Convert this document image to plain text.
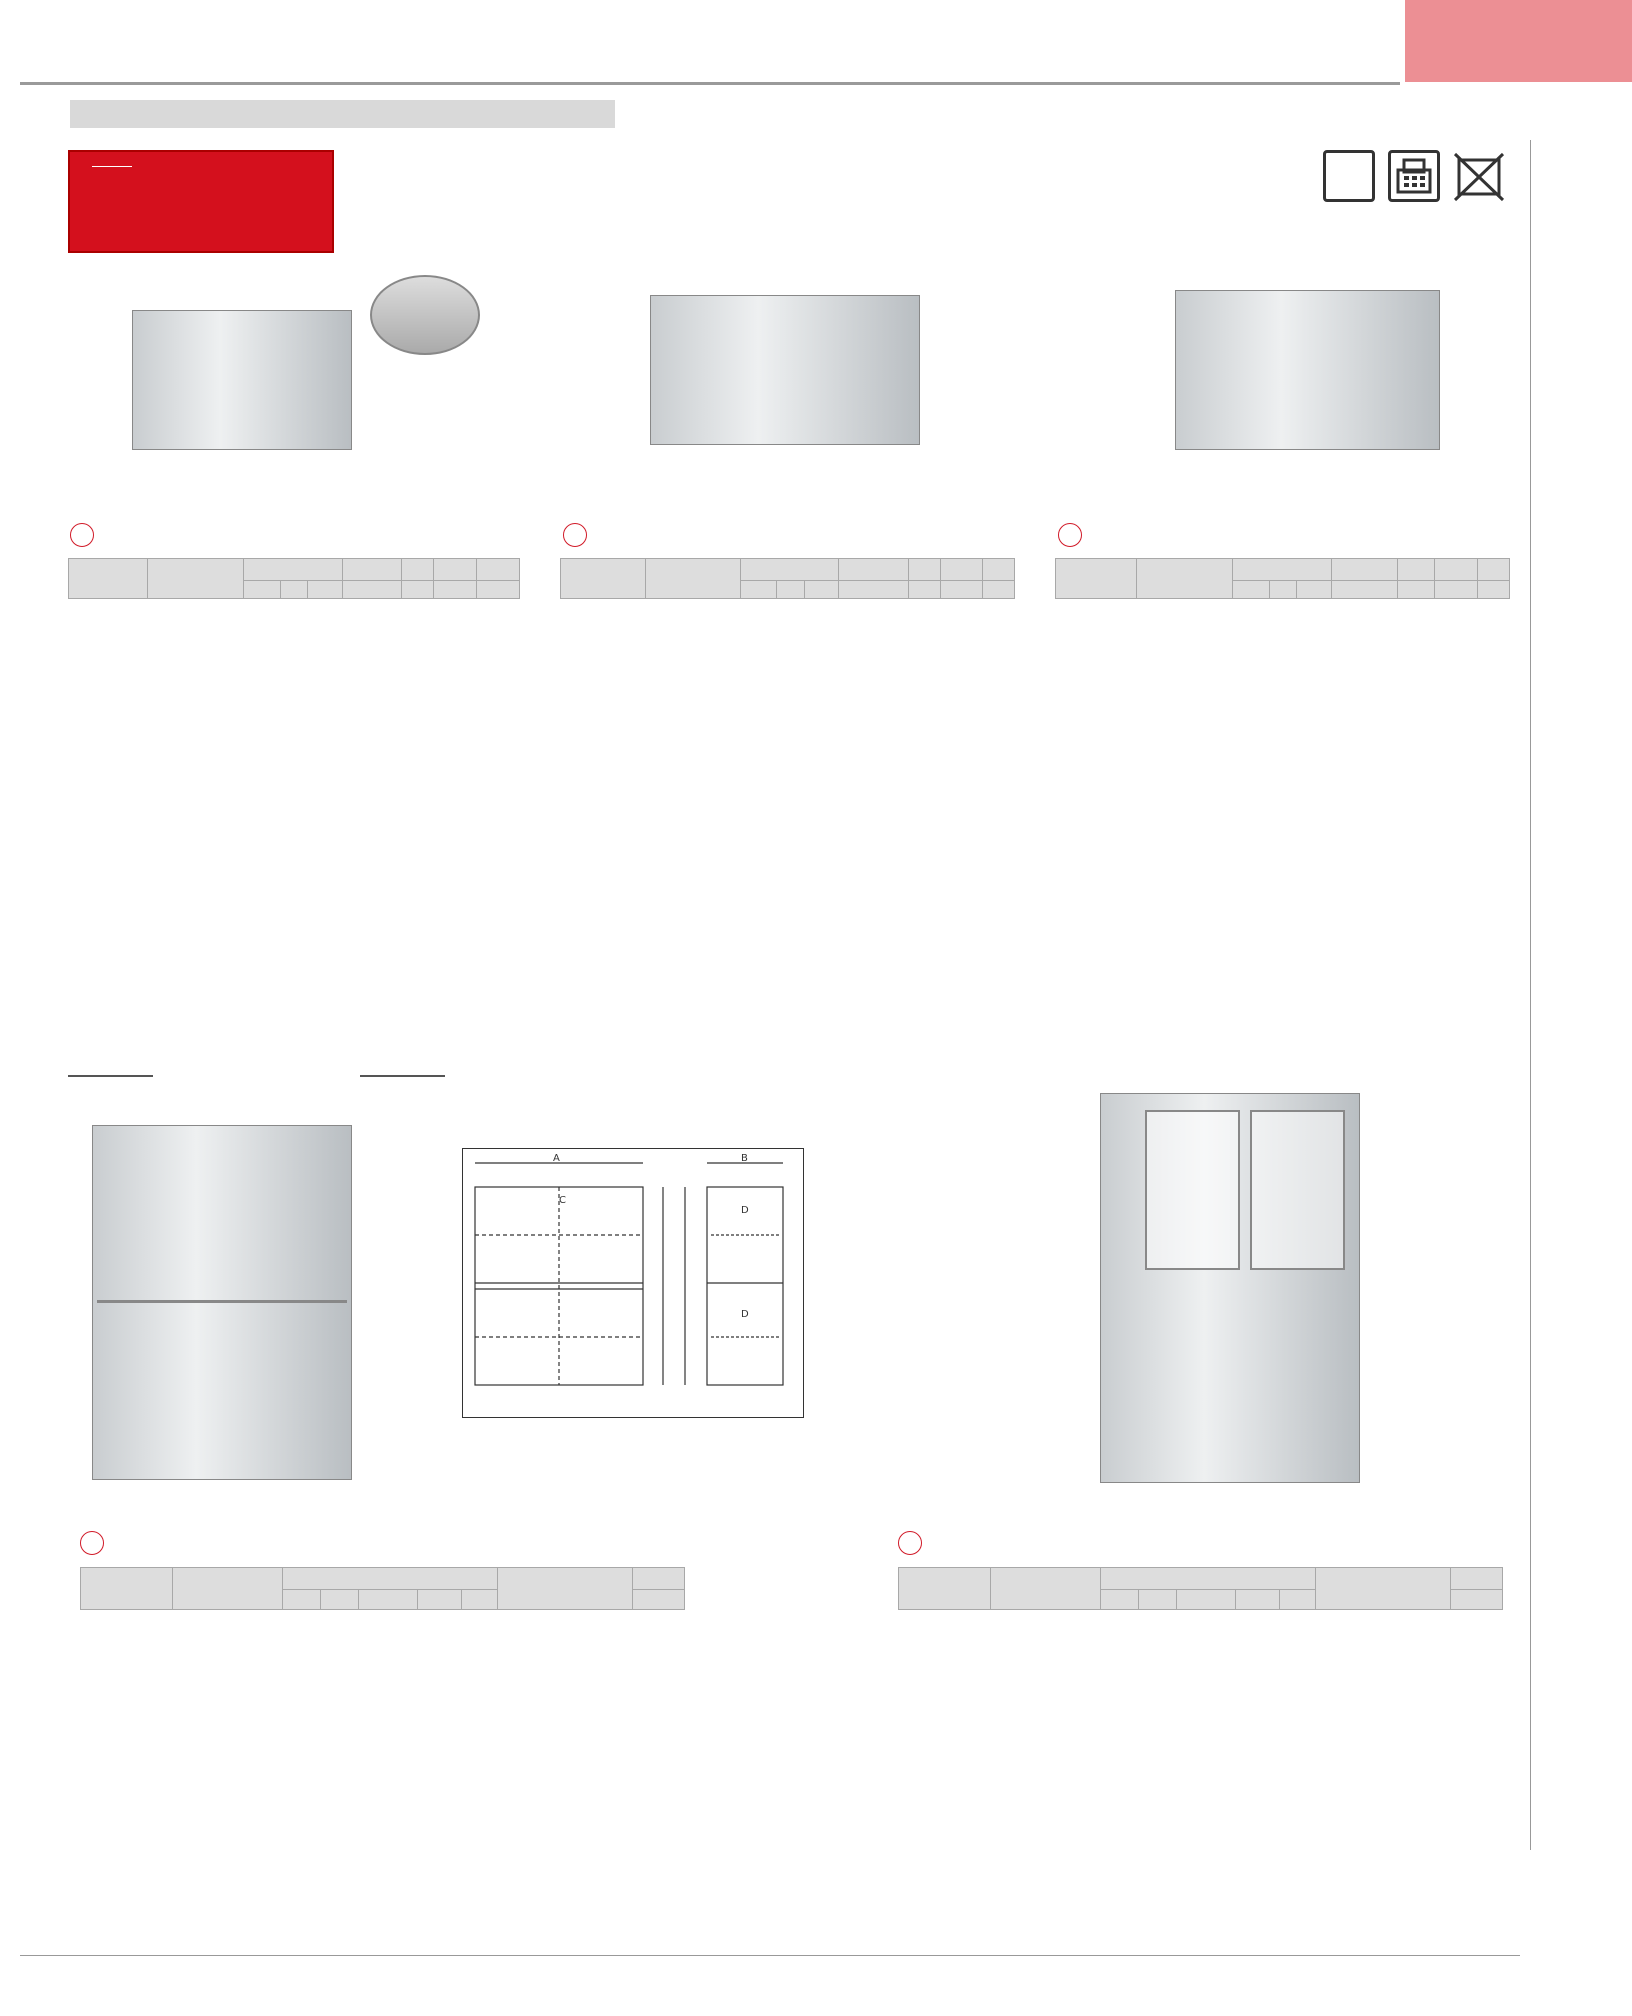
A	B
C
D
D
